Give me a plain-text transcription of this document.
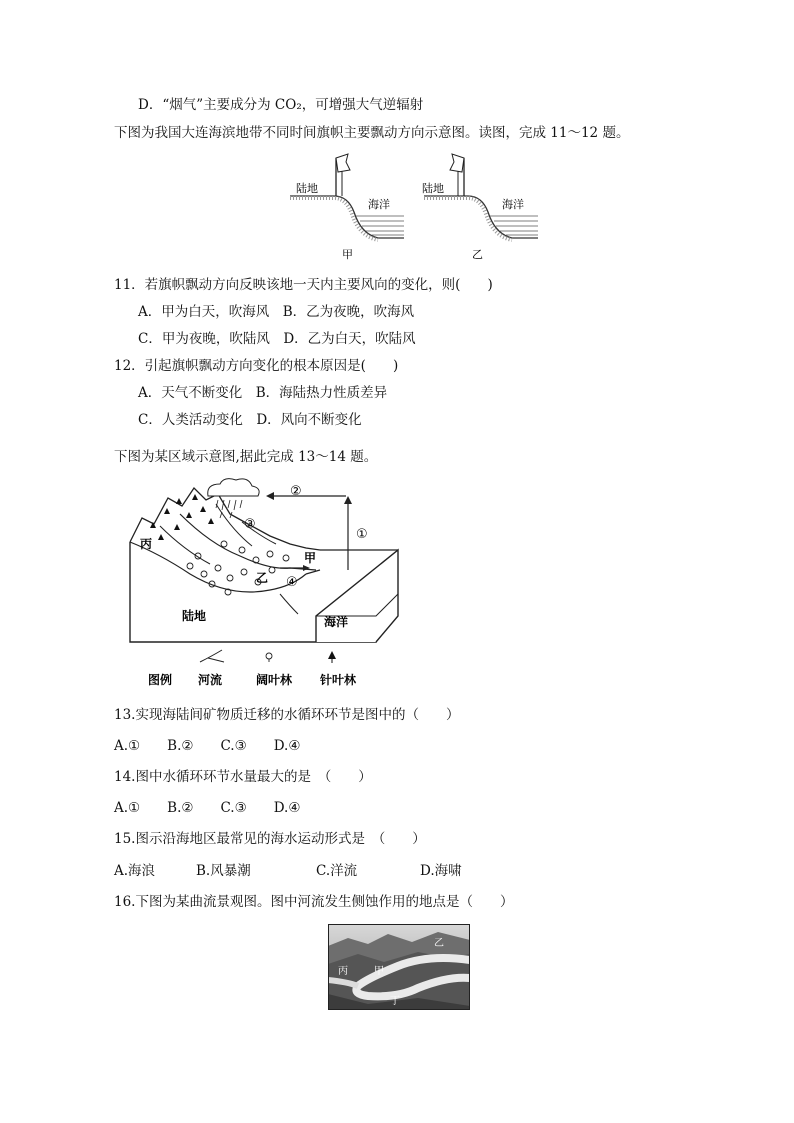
D．“烟气”主要成分为 CO₂，可增强大气逆辐射
下图为我国大连海滨地带不同时间旗帜主要飘动方向示意图。读图，完成 11～12 题。
陆地
海洋
甲
陆地
海洋
乙
11．若旗帜飘动方向反映该地一天内主要风向的变化，则(　　)
A．甲为白天，吹海风　B．乙为夜晚，吹海风
C．甲为夜晚，吹陆风　D．乙为白天，吹陆风
12．引起旗帜飘动方向变化的根本原因是(　　)
A．天气不断变化　B．海陆热力性质差异
C．人类活动变化　D．风向不断变化
下图为某区域示意图,据此完成 13～14 题。
②
①
③
④
丙
甲
乙
陆地	海洋
图例 河流	阔叶林 针叶林
13.实现海陆间矿物质迁移的水循环环节是图中的（　　）
A.①　　B.②　　C.③　　D.④
14.图中水循环环节水量最大的是　（　　）
A.①　　B.②　　C.③　　D.④
15.图示沿海地区最常见的海水运动形式是　（　　）
A.海浪	B.风暴潮	C.洋流	D.海啸
16.下图为某曲流景观图。图中河流发生侧蚀作用的地点是（　　）
乙
丙	甲
丁
